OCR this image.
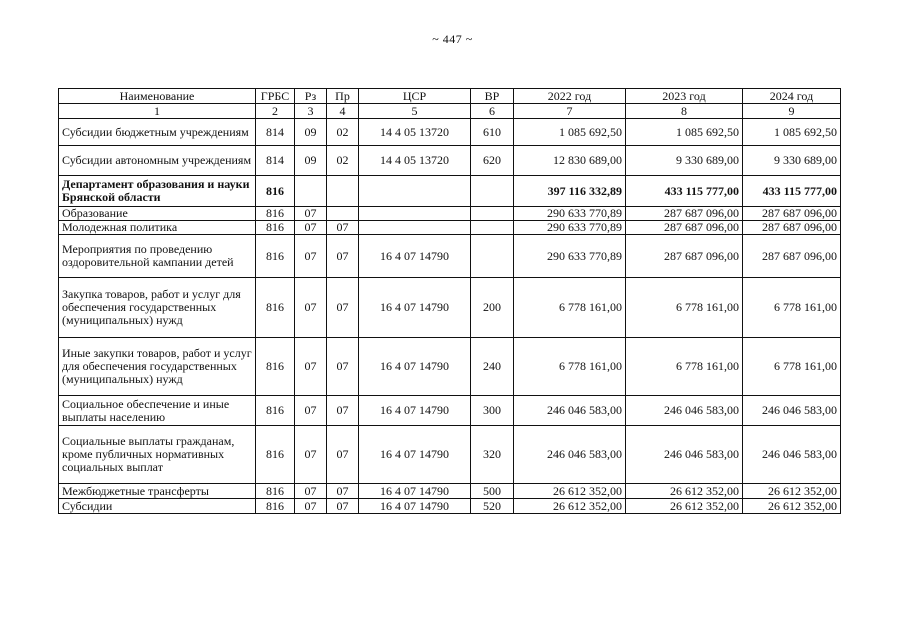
~ 447 ~
Наименование	ГРБС	Рз	Пр	ЦСР	ВР	2022 год	2023 год	2024 год
1	2	3	4	5	6	7	8	9
Субсидии бюджетным учреждениям	814	09	02	14 4 05 13720	610	1 085 692,50	1 085 692,50	1 085 692,50
Субсидии автономным учреждениям	814	09	02	14 4 05 13720	620	12 830 689,00	9 330 689,00	9 330 689,00
Департамент образования и науки Брянской области	816					397 116 332,89	433 115 777,00	433 115 777,00
Образование	816	07				290 633 770,89	287 687 096,00	287 687 096,00
Молодежная политика	816	07	07			290 633 770,89	287 687 096,00	287 687 096,00
Мероприятия по проведению оздоровительной кампании детей	816	07	07	16 4 07 14790		290 633 770,89	287 687 096,00	287 687 096,00
Закупка товаров, работ и услуг для обеспечения государственных (муниципальных) нужд	816	07	07	16 4 07 14790	200	6 778 161,00	6 778 161,00	6 778 161,00
Иные закупки товаров, работ и услуг для обеспечения государственных (муниципальных) нужд	816	07	07	16 4 07 14790	240	6 778 161,00	6 778 161,00	6 778 161,00
Социальное обеспечение и иные выплаты населению	816	07	07	16 4 07 14790	300	246 046 583,00	246 046 583,00	246 046 583,00
Социальные выплаты гражданам, кроме публичных нормативных социальных выплат	816	07	07	16 4 07 14790	320	246 046 583,00	246 046 583,00	246 046 583,00
Межбюджетные трансферты	816	07	07	16 4 07 14790	500	26 612 352,00	26 612 352,00	26 612 352,00
Субсидии	816	07	07	16 4 07 14790	520	26 612 352,00	26 612 352,00	26 612 352,00
